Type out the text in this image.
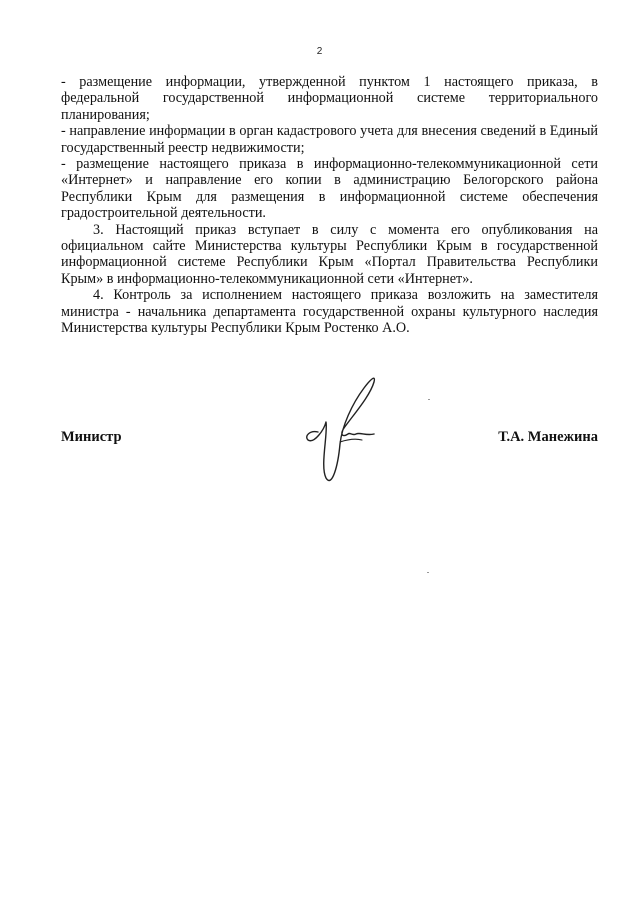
2

- размещение информации, утвержденной пунктом 1 настоящего приказа, в федеральной государственной информационной системе территориального планирования;

- направление информации в орган кадастрового учета для внесения сведений в Единый государственный реестр недвижимости;

- размещение настоящего приказа в информационно-телекоммуникационной сети «Интернет» и направление его копии в администрацию Белогорского района Республики Крым для размещения в информационной системе обеспечения градостроительной деятельности.

3. Настоящий приказ вступает в силу с момента его опубликования на официальном сайте Министерства культуры Республики Крым в государственной информационной системе Республики Крым «Портал Правительства Республики Крым» в информационно-телекоммуникационной сети «Интернет».

4. Контроль за исполнением настоящего приказа возложить на заместителя министра - начальника департамента государственной охраны культурного наследия Министерства культуры Республики Крым Ростенко А.О.

Министр	Т.А. Манежина
